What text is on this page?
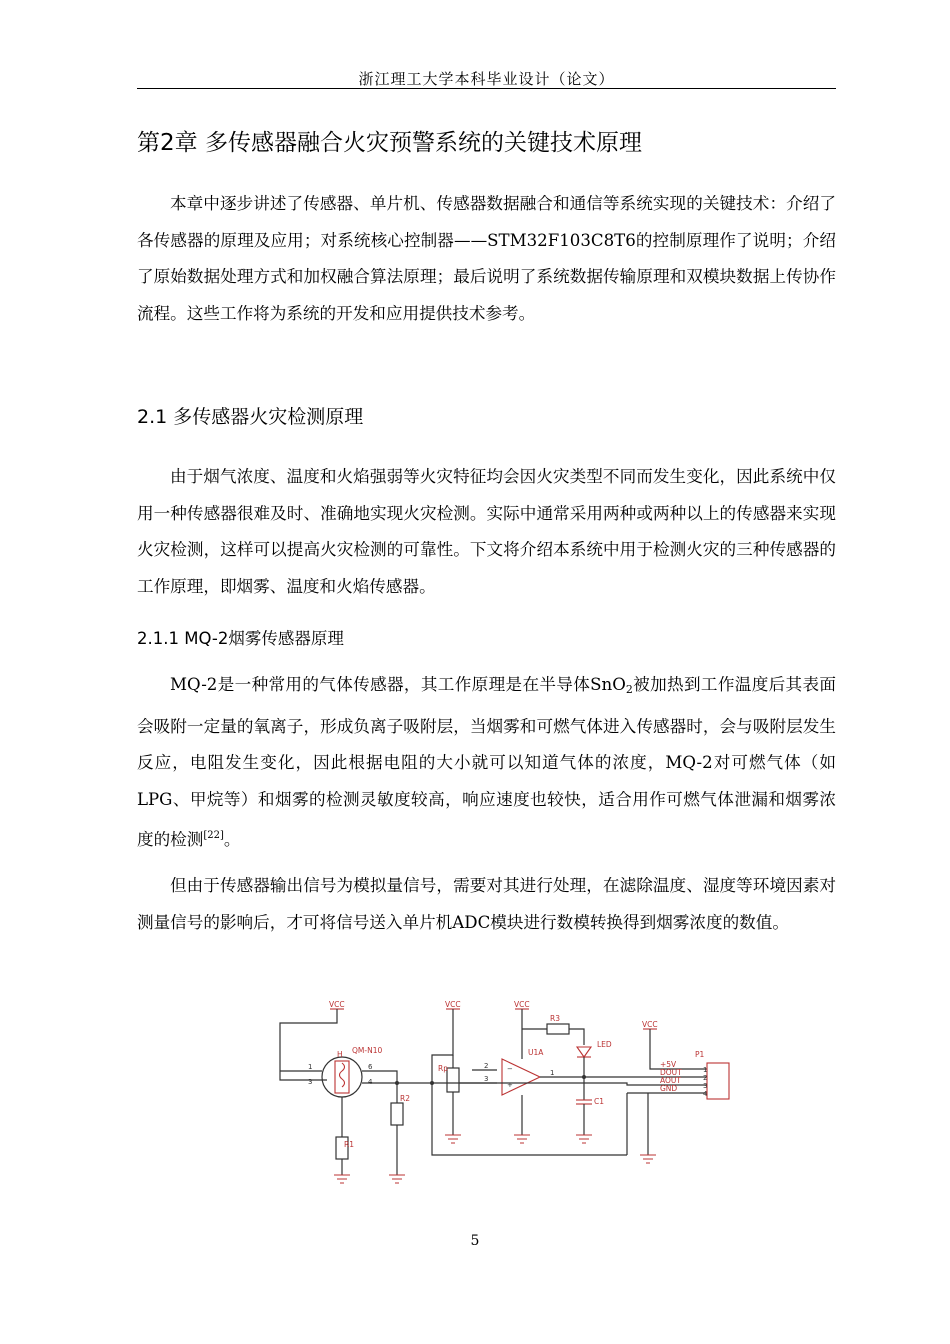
浙江理工大学本科毕业设计（论文）
第2章 多传感器融合火灾预警系统的关键技术原理

本章中逐步讲述了传感器、单片机、传感器数据融合和通信等系统实现的关键技术：介绍了各传感器的原理及应用；对系统核心控制器——STM32F103C8T6的控制原理作了说明；介绍了原始数据处理方式和加权融合算法原理；最后说明了系统数据传输原理和双模块数据上传协作流程。这些工作将为系统的开发和应用提供技术参考。

2.1 多传感器火灾检测原理

由于烟气浓度、温度和火焰强弱等火灾特征均会因火灾类型不同而发生变化，因此系统中仅用一种传感器很难及时、准确地实现火灾检测。实际中通常采用两种或两种以上的传感器来实现火灾检测，这样可以提高火灾检测的可靠性。下文将介绍本系统中用于检测火灾的三种传感器的工作原理，即烟雾、温度和火焰传感器。

2.1.1 MQ-2烟雾传感器原理

MQ-2是一种常用的气体传感器，其工作原理是在半导体SnO$_2$被加热到工作温度后其表面会吸附一定量的氧离子，形成负离子吸附层，当烟雾和可燃气体进入传感器时，会与吸附层发生反应，电阻发生变化，因此根据电阻的大小就可以知道气体的浓度，MQ-2对可燃气体（如LPG、甲烷等）和烟雾的检测灵敏度较高，响应速度也较快，适合用作可燃气体泄漏和烟雾浓度的检测[22]。

但由于传感器输出信号为模拟量信号，需要对其进行处理，在滤除温度、湿度等环境因素对测量信号的影响后，才可将信号送入单片机ADC模块进行数模转换得到烟雾浓度的数值。

VCC
H QM-N10
1
3
6
4
R1
R2
VCC
Rp	2
3
VCC
U1A
−
+
1
R3
LED
C1
VCC
+5V
DOUT
AOUT
GND
P1
1
2
3
4
5
